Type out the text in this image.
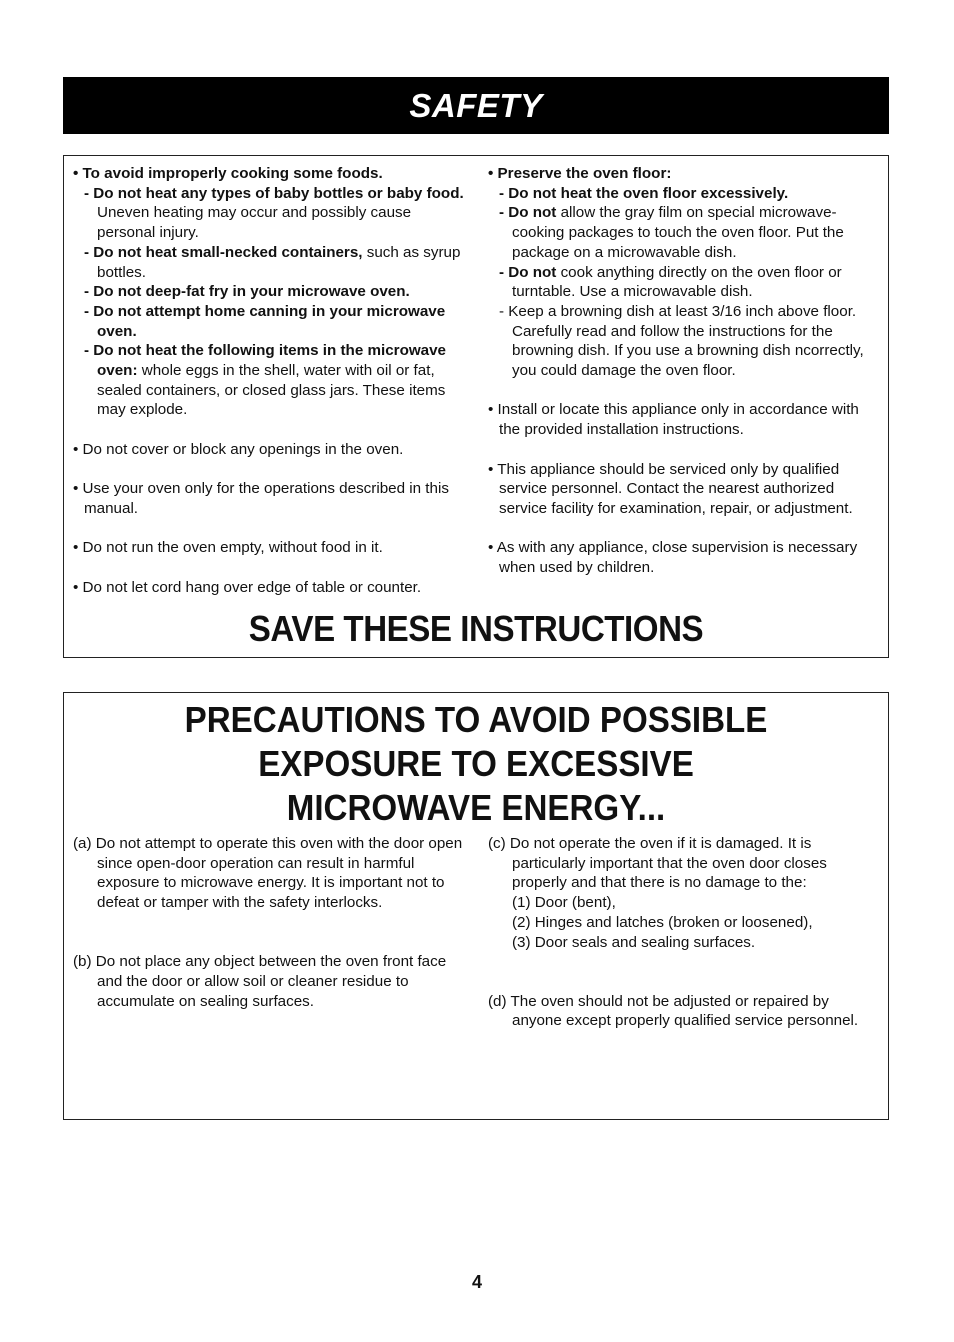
SAFETY
• To avoid improperly cooking some foods.
- Do not heat any types of baby bottles or baby food. Uneven heating may occur and possibly cause personal injury.
- Do not heat small-necked containers, such as syrup bottles.
- Do not deep-fat fry in your microwave oven.
- Do not attempt home canning in your microwave oven.
- Do not heat the following items in the microwave oven: whole eggs in the shell, water with oil or fat, sealed containers, or closed glass jars. These items may explode.
• Do not cover or block any openings in the oven.
• Use your oven only for the operations described in this manual.
• Do not run the oven empty, without food in it.
• Do not let cord hang over edge of table or counter.
• Preserve the oven floor:
- Do not heat the oven floor excessively.
- Do not allow the gray film on special microwave-cooking packages to touch the oven floor. Put the package on a microwavable dish.
- Do not cook anything directly on the oven floor or turntable. Use a microwavable dish.
- Keep a browning dish at least 3/16 inch above floor. Carefully read and follow the instructions for the browning dish. If you use a browning dish ncorrectly, you could damage the oven floor.
• Install or locate this appliance only in accordance with the provided installation instructions.
• This appliance should be serviced only by qualified service personnel. Contact the nearest authorized service facility for examination, repair, or adjustment.
• As with any appliance, close supervision is necessary when used by children.
SAVE THESE INSTRUCTIONS
PRECAUTIONS TO AVOID POSSIBLE
EXPOSURE TO EXCESSIVE
MICROWAVE ENERGY...
(a) Do not attempt to operate this oven with the door open since open-door operation can result in harmful exposure to microwave energy. It is important not to defeat or tamper with the safety interlocks.
(b) Do not place any object between the oven front face and the door or allow soil or cleaner residue to accumulate on sealing surfaces.
(c) Do not operate the oven if it is damaged. It is particularly important that the oven door closes properly and that there is no damage to the:
(1) Door (bent),
(2) Hinges and latches (broken or loosened),
(3) Door seals and sealing surfaces.
(d) The oven should not be adjusted or repaired by anyone except properly qualified service personnel.
4
